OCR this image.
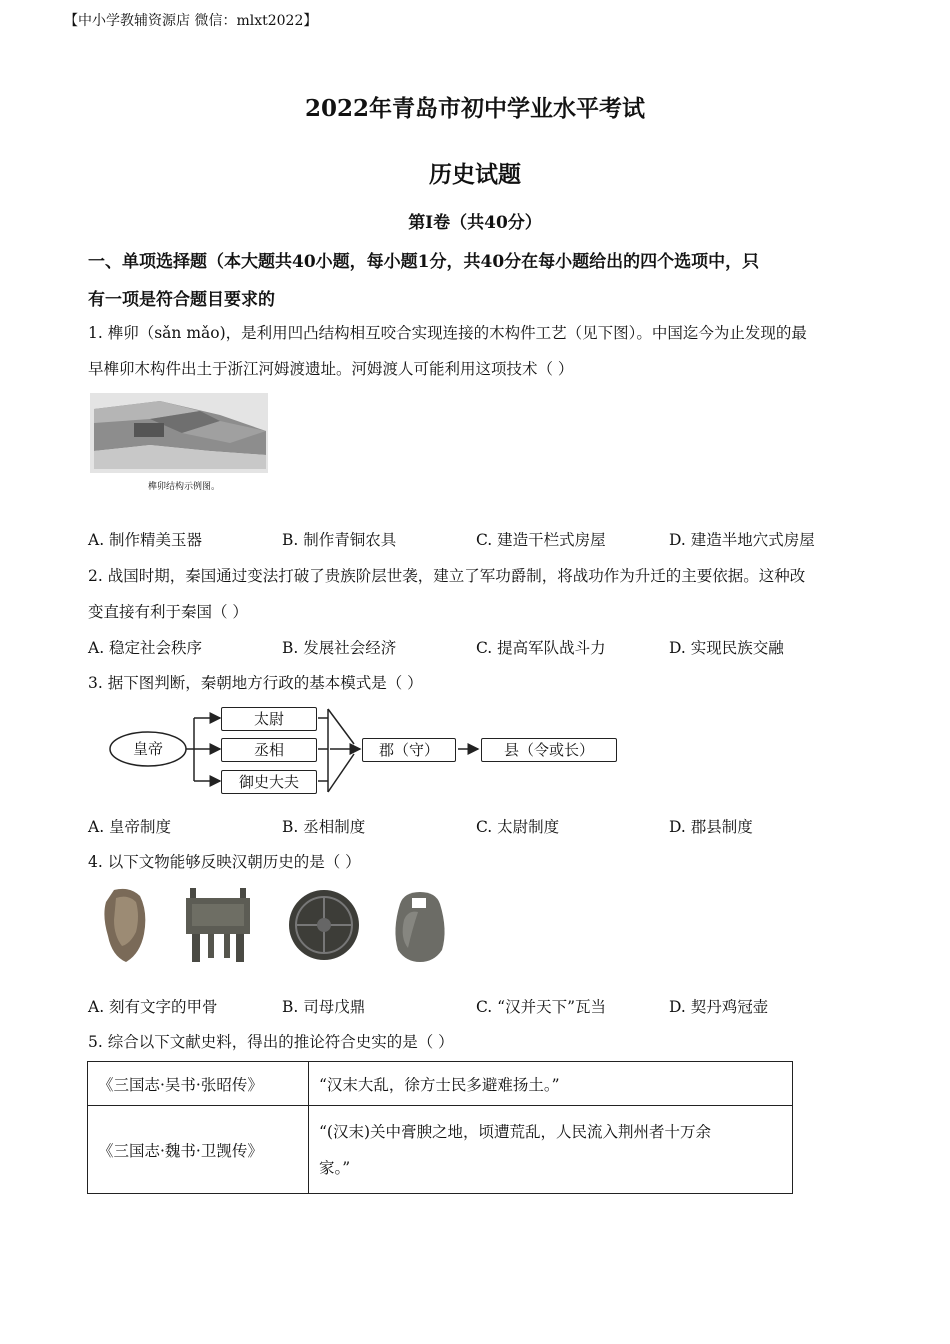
【中小学教辅资源店 微信：mlxt2022】
2022年青岛市初中学业水平考试
历史试题
第Ⅰ卷（共40分）
一、单项选择题（本大题共40小题，每小题1分，共40分在每小题给出的四个选项中，只
有一项是符合题目要求的
1. 榫卯（sǎn mǎo)，是利用凹凸结构相互咬合实现连接的木构件工艺（见下图）。中国迄今为止发现的最
早榫卯木构件出土于浙江河姆渡遗址。河姆渡人可能利用这项技术（ ）
榫卯结构示例图。
A. 制作精美玉器	B. 制作青铜农具	C. 建造干栏式房屋	D. 建造半地穴式房屋
2. 战国时期，秦国通过变法打破了贵族阶层世袭，建立了军功爵制，将战功作为升迁的主要依据。这种改
变直接有利于秦国（ ）
A. 稳定社会秩序	B. 发展社会经济	C. 提高军队战斗力	D. 实现民族交融
3. 据下图判断，秦朝地方行政的基本模式是（ ）
皇帝
太尉
丞相
御史大夫
郡（守）	县（令或长）
A. 皇帝制度	B. 丞相制度	C. 太尉制度	D. 郡县制度
4. 以下文物能够反映汉朝历史的是（ ）
A. 刻有文字的甲骨	B. 司母戊鼎	C. “汉并天下”瓦当	D. 契丹鸡冠壶
5. 综合以下文献史料，得出的推论符合史实的是（ ）
《三国志·吴书·张昭传》	“汉末大乱，徐方士民多避难扬土。”
《三国志·魏书·卫觊传》	“(汉末)关中膏腴之地，顷遭荒乱，人民流入荆州者十万余
家。”
